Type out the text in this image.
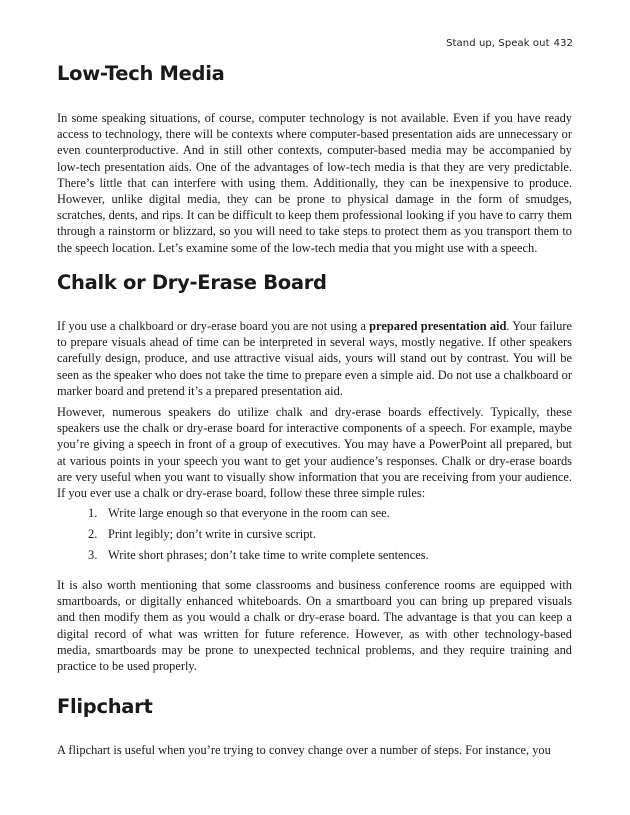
Stand up, Speak out 432
Low-Tech Media

In some speaking situations, of course, computer technology is not available. Even if you have ready access to technology, there will be contexts where computer-based presentation aids are unnecessary or even counterproductive. And in still other contexts, computer-based media may be accompanied by low-tech presentation aids. One of the advantages of low-tech media is that they are very predictable. There’s little that can interfere with using them. Additionally, they can be inexpensive to produce. However, unlike digital media, they can be prone to physical damage in the form of smudges, scratches, dents, and rips. It can be difficult to keep them professional looking if you have to carry them through a rainstorm or blizzard, so you will need to take steps to protect them as you transport them to the speech location. Let’s examine some of the low-tech media that you might use with a speech.

Chalk or Dry-Erase Board

If you use a chalkboard or dry-erase board you are not using a prepared presentation aid. Your failure to prepare visuals ahead of time can be interpreted in several ways, mostly negative. If other speakers carefully design, produce, and use attractive visual aids, yours will stand out by contrast. You will be seen as the speaker who does not take the time to prepare even a simple aid. Do not use a chalkboard or marker board and pretend it’s a prepared presentation aid.

However, numerous speakers do utilize chalk and dry-erase boards effectively. Typically, these speakers use the chalk or dry-erase board for interactive components of a speech. For example, maybe you’re giving a speech in front of a group of executives. You may have a PowerPoint all prepared, but at various points in your speech you want to get your audience’s responses. Chalk or dry-erase boards are very useful when you want to visually show information that you are receiving from your audience. If you ever use a chalk or dry-erase board, follow these three simple rules:

1. Write large enough so that everyone in the room can see.
2. Print legibly; don’t write in cursive script.
3. Write short phrases; don’t take time to write complete sentences.

It is also worth mentioning that some classrooms and business conference rooms are equipped with smartboards, or digitally enhanced whiteboards. On a smartboard you can bring up prepared visuals and then modify them as you would a chalk or dry-erase board. The advantage is that you can keep a digital record of what was written for future reference. However, as with other technology-based media, smartboards may be prone to unexpected technical problems, and they require training and practice to be used properly.

Flipchart

A flipchart is useful when you’re trying to convey change over a number of steps. For instance, you
